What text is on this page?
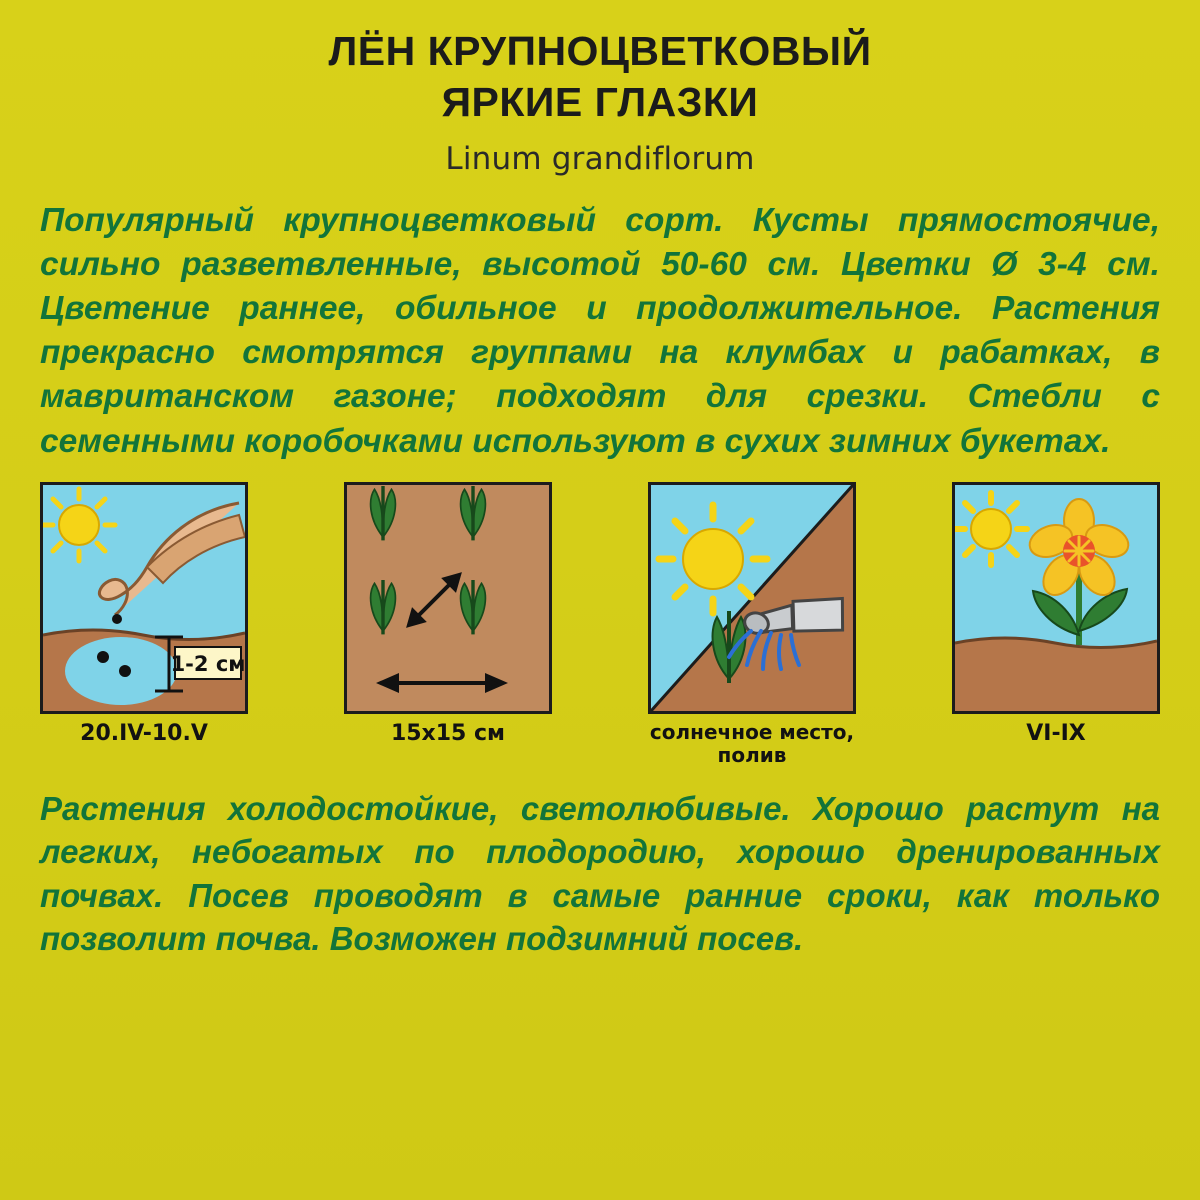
ЛЁН КРУПНОЦВЕТКОВЫЙ
ЯРКИЕ ГЛАЗКИ
Linum grandiflorum
Популярный крупноцветковый сорт. Кусты прямостоячие, сильно разветвленные, высотой 50-60 см. Цветки Ø 3-4 см. Цветение раннее, обильное и продолжительное. Растения прекрасно смотрятся группами на клумбах и рабатках, в мавританском газоне; подходят для срезки. Стебли с семенными коробочками используют в сухих зимних букетах.
1-2 см
20.IV-10.V	15x15 см	солнечное место, полив
VI-IX
Растения холодостойкие, светолюбивые. Хорошо растут на легких, небогатых по плодородию, хорошо дренированных почвах. Посев проводят в самые ранние сроки, как только позволит почва. Возможен подзимний посев.
